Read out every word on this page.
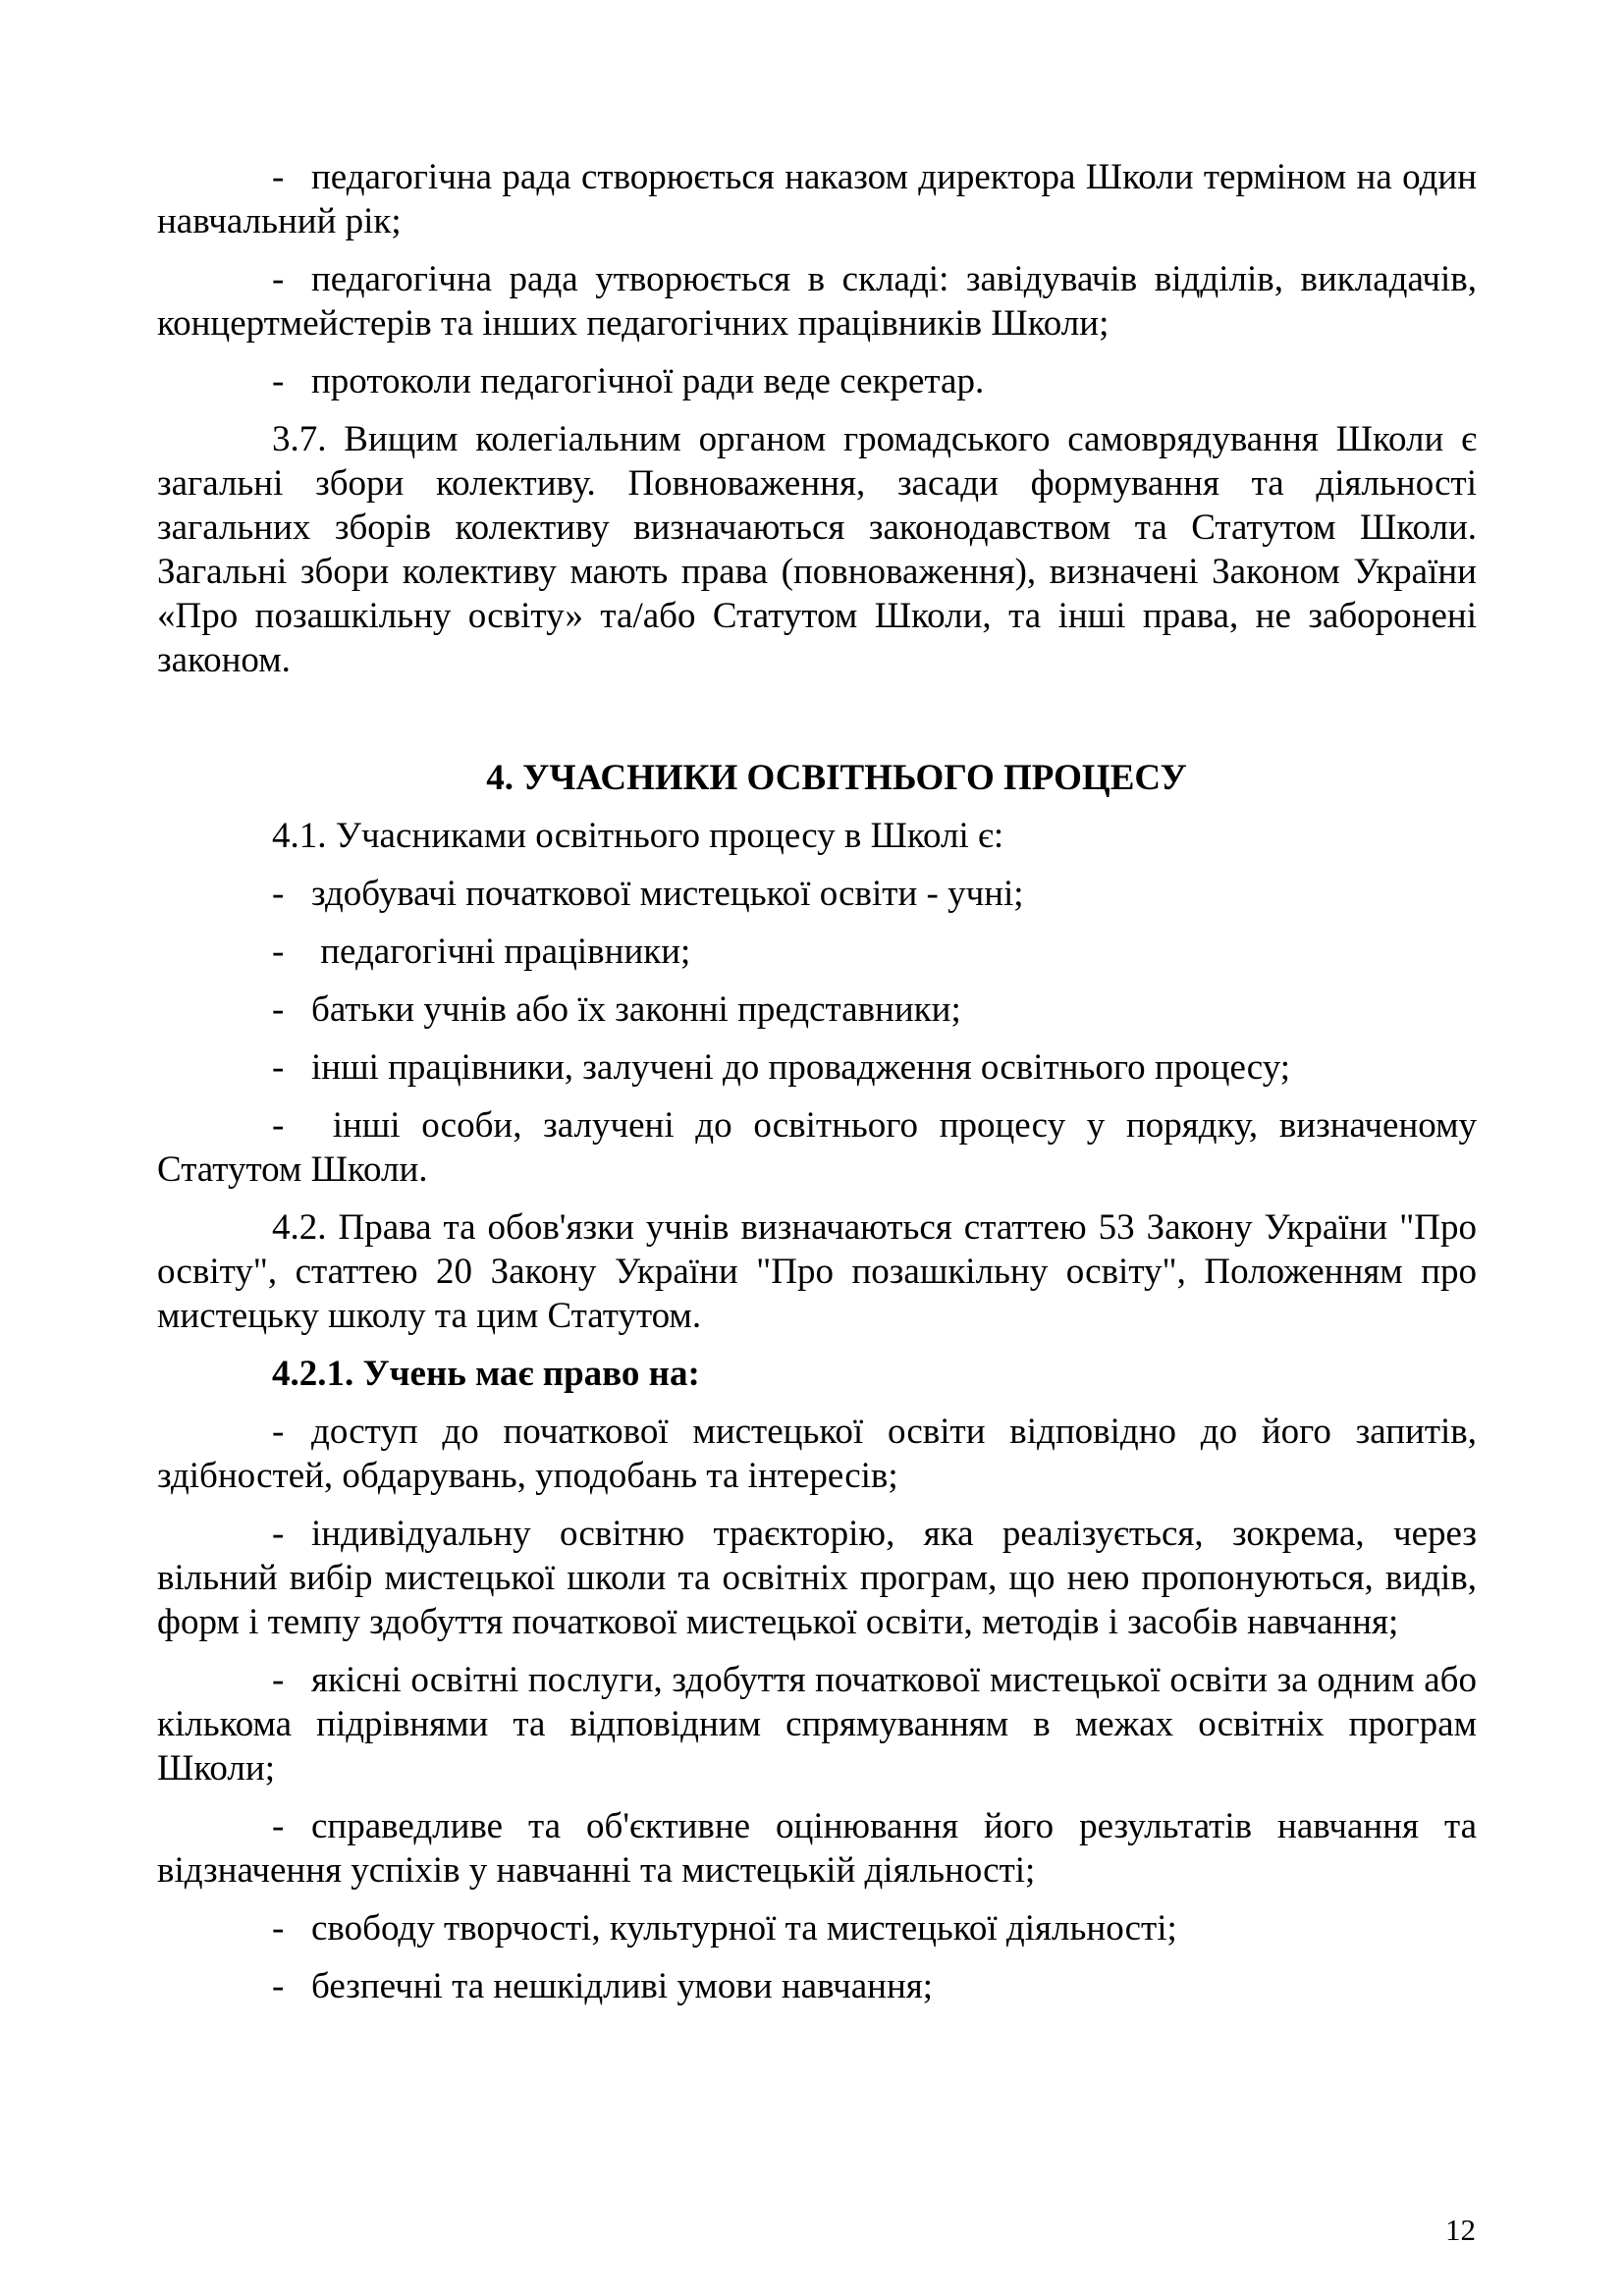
- педагогічна рада створюється наказом директора Школи терміном на один навчальний рік;

- педагогічна рада утворюється в складі: завідувачів відділів, викладачів, концертмейстерів та інших педагогічних працівників Школи;

- протоколи педагогічної ради веде секретар.

3.7. Вищим колегіальним органом громадського самоврядування Школи є загальні збори колективу. Повноваження, засади формування та діяльності загальних зборів колективу визначаються законодавством та Статутом Школи. Загальні збори колективу мають права (повноваження), визначені Законом України «Про позашкільну освіту» та/або Статутом Школи, та інші права, не заборонені законом.

4. УЧАСНИКИ ОСВІТНЬОГО ПРОЦЕСУ

4.1. Учасниками освітнього процесу в Школі є:

- здобувачі початкової мистецької освіти - учні;

- педагогічні працівники;

- батьки учнів або їх законні представники;

- інші працівники, залучені до провадження освітнього процесу;

- інші особи, залучені до освітнього процесу у порядку, визначеному Статутом Школи.

4.2. Права та обов'язки учнів визначаються статтею 53 Закону України "Про освіту", статтею 20 Закону України "Про позашкільну освіту", Положенням про мистецьку школу та цим Статутом.

4.2.1. Учень має право на:

- доступ до початкової мистецької освіти відповідно до його запитів, здібностей, обдарувань, уподобань та інтересів;

- індивідуальну освітню траєкторію, яка реалізується, зокрема, через вільний вибір мистецької школи та освітніх програм, що нею пропонуються, видів, форм і темпу здобуття початкової мистецької освіти, методів і засобів навчання;

- якісні освітні послуги, здобуття початкової мистецької освіти за одним або кількома підрівнями та відповідним спрямуванням в межах освітніх програм Школи;

- справедливе та об'єктивне оцінювання його результатів навчання та відзначення успіхів у навчанні та мистецькій діяльності;

- свободу творчості, культурної та мистецької діяльності;

- безпечні та нешкідливі умови навчання;

12
